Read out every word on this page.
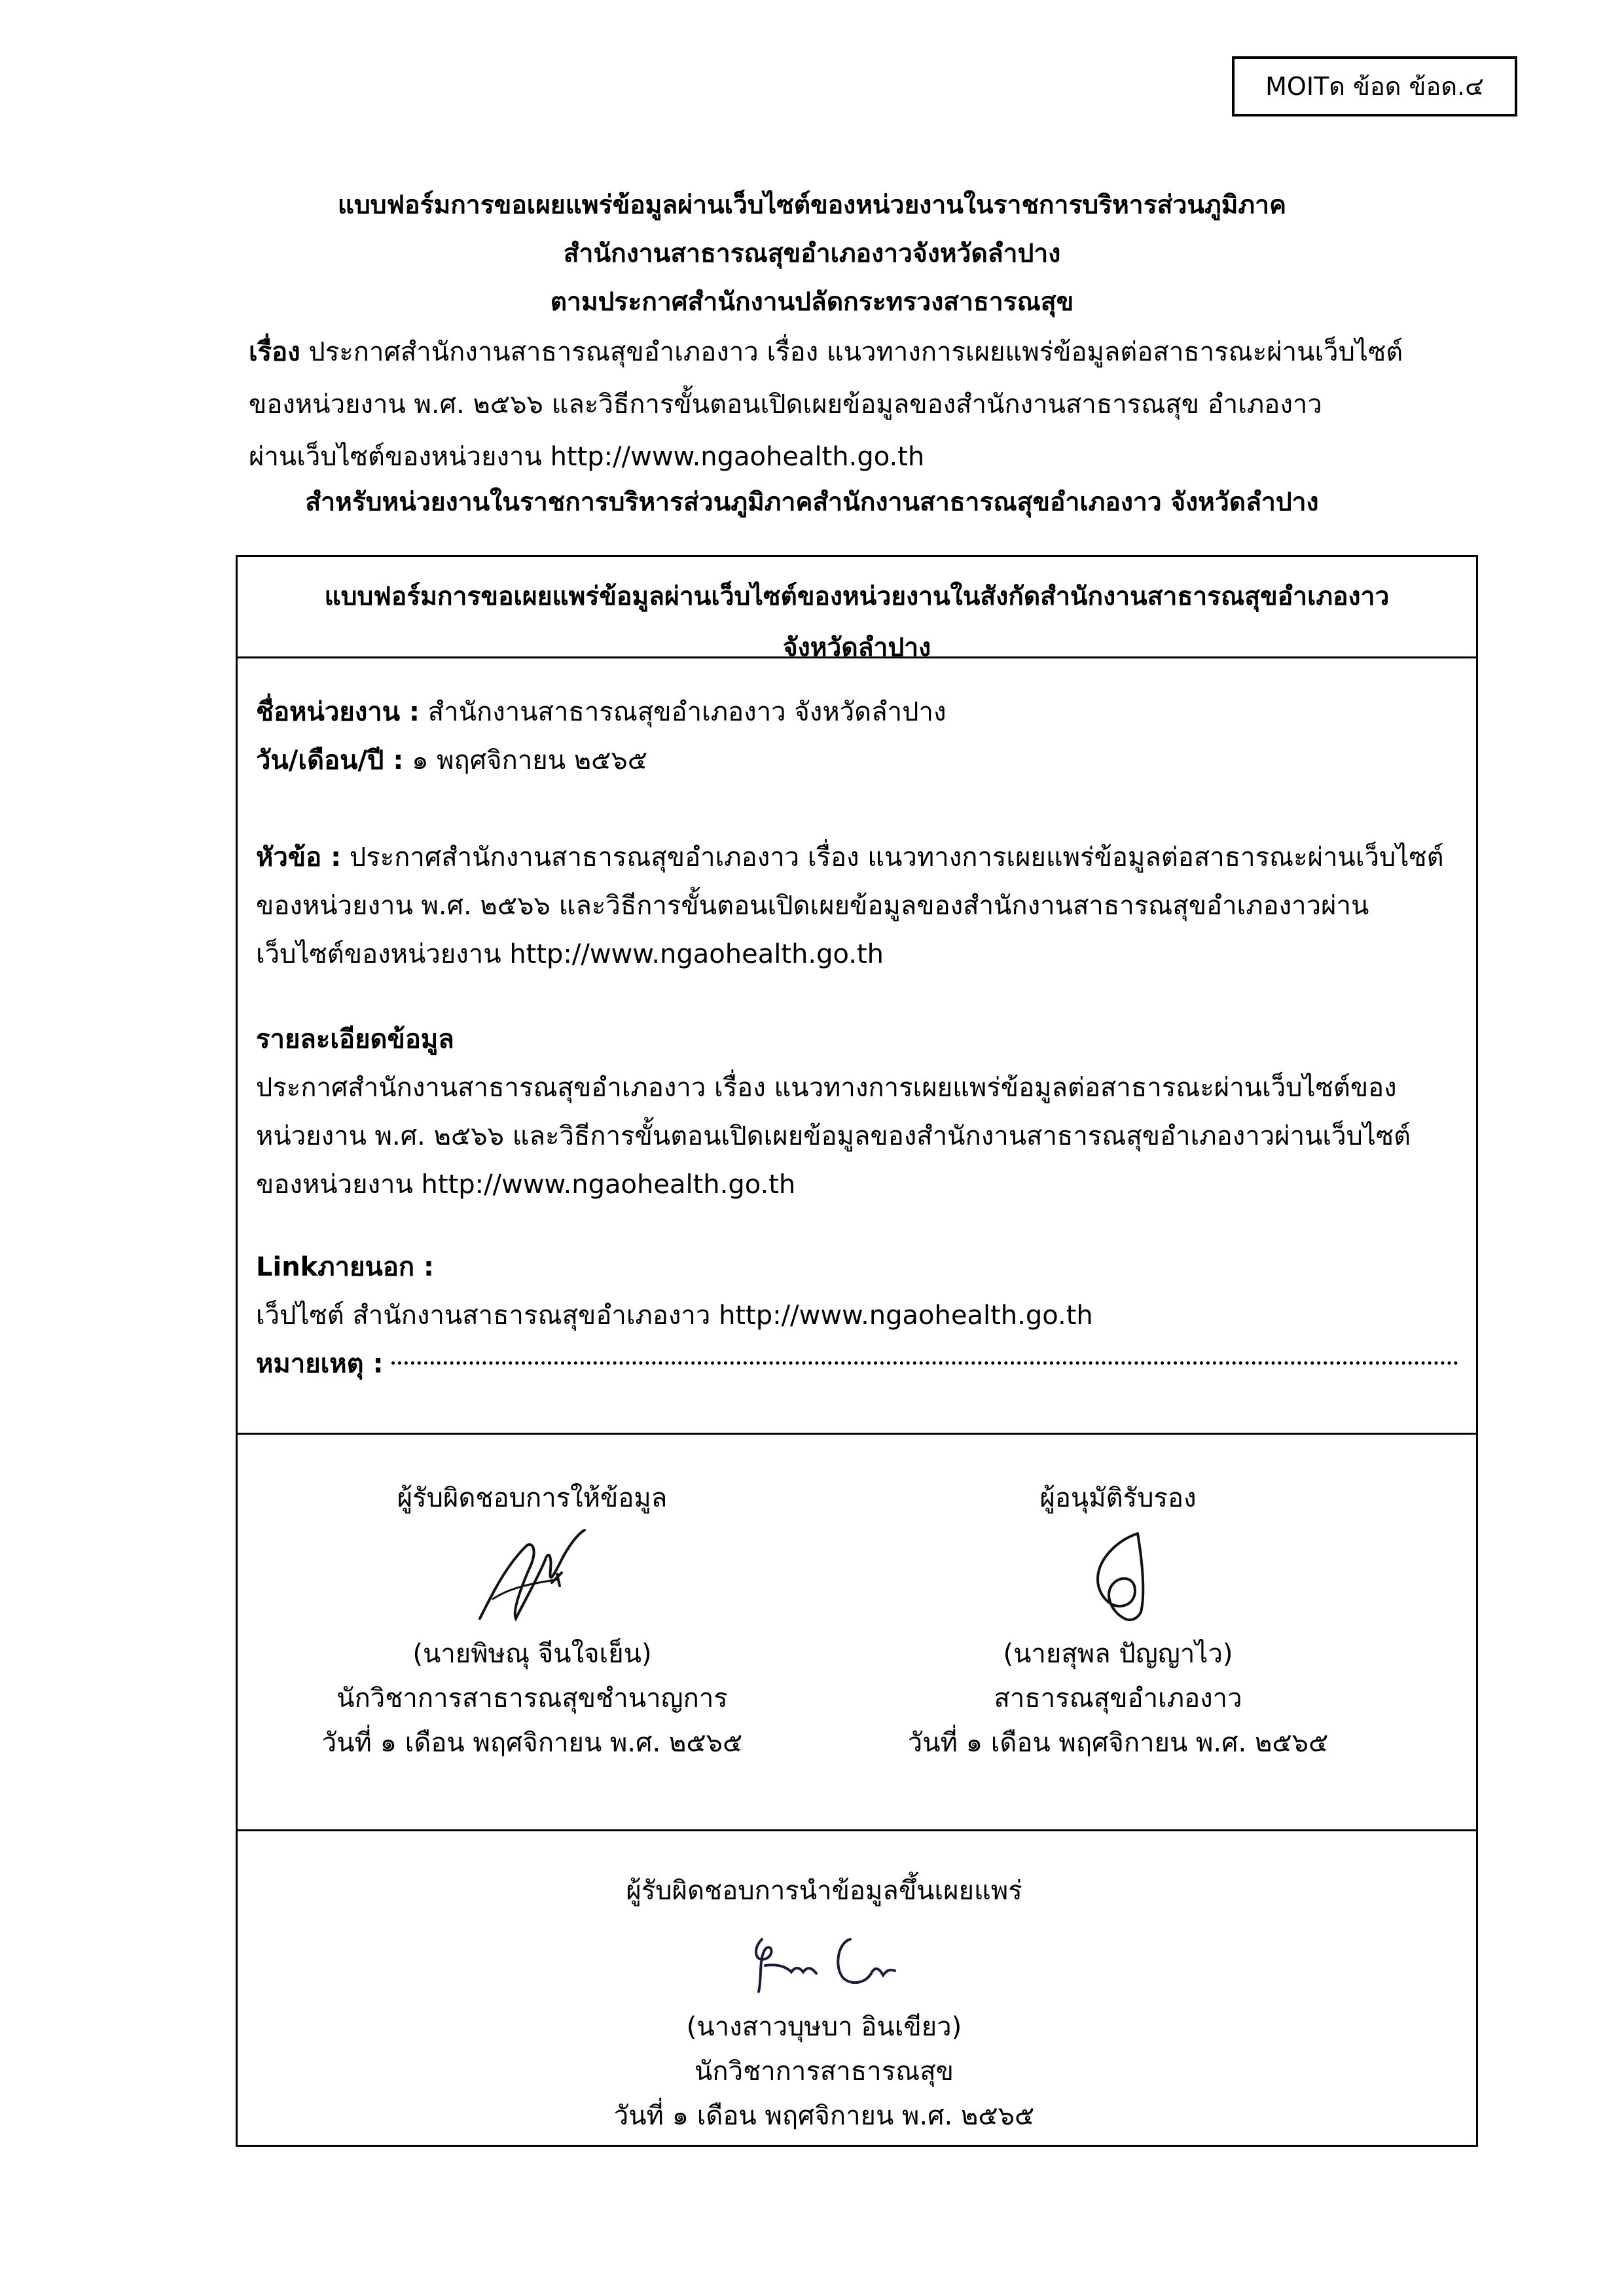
MOITด ข้อด ข้อด.๔
แบบฟอร์มการขอเผยแพร่ข้อมูลผ่านเว็บไซต์ของหน่วยงานในราชการบริหารส่วนภูมิภาค
สำนักงานสาธารณสุขอำเภองาวจังหวัดลำปาง
ตามประกาศสำนักงานปลัดกระทรวงสาธารณสุข
เรื่อง ประกาศสำนักงานสาธารณสุขอำเภองาว เรื่อง แนวทางการเผยแพร่ข้อมูลต่อสาธารณะผ่านเว็บไซต์
ของหน่วยงาน พ.ศ. ๒๕๖๖ และวิธีการขั้นตอนเปิดเผยข้อมูลของสำนักงานสาธารณสุข อำเภองาว
ผ่านเว็บไซต์ของหน่วยงาน http://www.ngaohealth.go.th
สำหรับหน่วยงานในราชการบริหารส่วนภูมิภาคสำนักงานสาธารณสุขอำเภองาว จังหวัดลำปาง
แบบฟอร์มการขอเผยแพร่ข้อมูลผ่านเว็บไซต์ของหน่วยงานในสังกัดสำนักงานสาธารณสุขอำเภองาว
จังหวัดลำปาง
ชื่อหน่วยงาน : สำนักงานสาธารณสุขอำเภองาว จังหวัดลำปาง
วัน/เดือน/ปี : ๑ พฤศจิกายน ๒๕๖๕
หัวข้อ : ประกาศสำนักงานสาธารณสุขอำเภองาว เรื่อง แนวทางการเผยแพร่ข้อมูลต่อสาธารณะผ่านเว็บไซต์
ของหน่วยงาน พ.ศ. ๒๕๖๖ และวิธีการขั้นตอนเปิดเผยข้อมูลของสำนักงานสาธารณสุขอำเภองาวผ่าน
เว็บไซต์ของหน่วยงาน http://www.ngaohealth.go.th
รายละเอียดข้อมูล
ประกาศสำนักงานสาธารณสุขอำเภองาว เรื่อง แนวทางการเผยแพร่ข้อมูลต่อสาธารณะผ่านเว็บไซต์ของ
หน่วยงาน พ.ศ. ๒๕๖๖ และวิธีการขั้นตอนเปิดเผยข้อมูลของสำนักงานสาธารณสุขอำเภองาวผ่านเว็บไซต์
ของหน่วยงาน http://www.ngaohealth.go.th
Linkภายนอก :
เว็ปไซต์ สำนักงานสาธารณสุขอำเภองาว http://www.ngaohealth.go.th
หมายเหตุ :
ผู้รับผิดชอบการให้ข้อมูล
(นายพิษณุ จีนใจเย็น)
นักวิชาการสาธารณสุขชำนาญการ
วันที่ ๑ เดือน พฤศจิกายน พ.ศ. ๒๕๖๕
ผู้อนุมัติรับรอง
(นายสุพล ปัญญาไว)
สาธารณสุขอำเภองาว
วันที่ ๑ เดือน พฤศจิกายน พ.ศ. ๒๕๖๕
ผู้รับผิดชอบการนำข้อมูลขึ้นเผยแพร่
(นางสาวบุษบา อินเขียว)
นักวิชาการสาธารณสุข
วันที่ ๑ เดือน พฤศจิกายน พ.ศ. ๒๕๖๕
